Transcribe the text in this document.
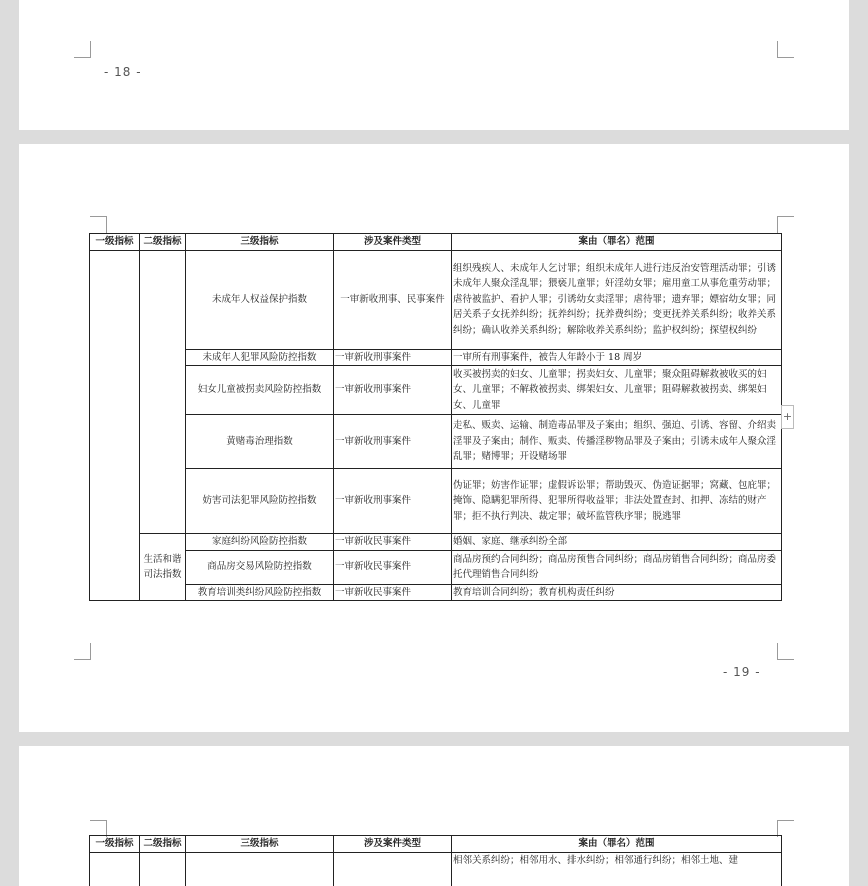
- 18 -
一级指标	二级指标	三级指标	涉及案件类型	案由（罪名）范围
		未成年人权益保护指数	一审新收刑事、民事案件	组织残疾人、未成年人乞讨罪；组织未成年人进行违反治安管理活动罪；引诱未成年人聚众淫乱罪；猥亵儿童罪；奸淫幼女罪；雇用童工从事危重劳动罪；虐待被监护、看护人罪；引诱幼女卖淫罪；虐待罪；遗弃罪；嫖宿幼女罪；同居关系子女抚养纠纷；抚养纠纷；抚养费纠纷；变更抚养关系纠纷；收养关系纠纷；确认收养关系纠纷；解除收养关系纠纷；监护权纠纷；探望权纠纷
		未成年人犯罪风险防控指数	一审新收刑事案件	一审所有刑事案件，被告人年龄小于 18 周岁
		妇女儿童被拐卖风险防控指数	一审新收刑事案件	收买被拐卖的妇女、儿童罪；拐卖妇女、儿童罪；聚众阻碍解救被收买的妇女、儿童罪；不解救被拐卖、绑架妇女、儿童罪；阻碍解救被拐卖、绑架妇女、儿童罪
		黄赌毒治理指数	一审新收刑事案件	走私、贩卖、运输、制造毒品罪及子案由；组织、强迫、引诱、容留、介绍卖淫罪及子案由；制作、贩卖、传播淫秽物品罪及子案由；引诱未成年人聚众淫乱罪；赌博罪；开设赌场罪
		妨害司法犯罪风险防控指数	一审新收刑事案件	伪证罪；妨害作证罪；虚假诉讼罪；帮助毁灭、伪造证据罪；窝藏、包庇罪；掩饰、隐瞒犯罪所得、犯罪所得收益罪；非法处置查封、扣押、冻结的财产罪；拒不执行判决、裁定罪；破坏监管秩序罪；脱逃罪
	生活和谐司法指数	家庭纠纷风险防控指数	一审新收民事案件	婚姻、家庭、继承纠纷全部
		商品房交易风险防控指数	一审新收民事案件	商品房预约合同纠纷；商品房预售合同纠纷；商品房销售合同纠纷；商品房委托代理销售合同纠纷
		教育培训类纠纷风险防控指数	一审新收民事案件	教育培训合同纠纷；教育机构责任纠纷
- 19 -
+
一级指标	二级指标	三级指标	涉及案件类型	案由（罪名）范围
				相邻关系纠纷；相邻用水、排水纠纷；相邻通行纠纷；相邻土地、建
